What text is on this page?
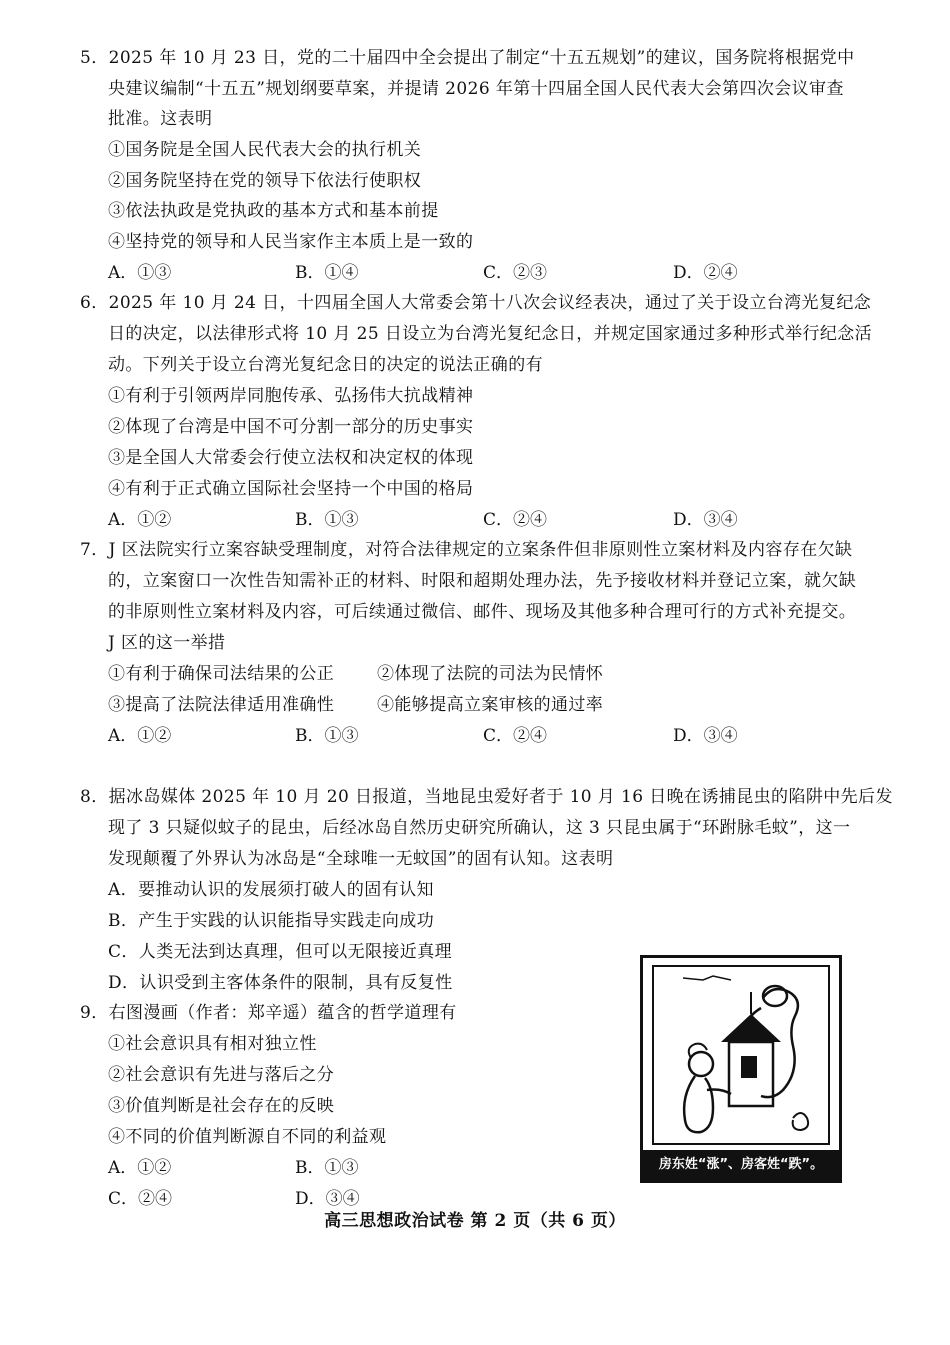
5．2025 年 10 月 23 日，党的二十届四中全会提出了制定“十五五规划”的建议，国务院将根据党中
央建议编制“十五五”规划纲要草案，并提请 2026 年第十四届全国人民代表大会第四次会议审查
批准。这表明
①国务院是全国人民代表大会的执行机关
②国务院坚持在党的领导下依法行使职权
③依法执政是党执政的基本方式和基本前提
④坚持党的领导和人民当家作主本质上是一致的
A．①③	B．①④	C．②③	D．②④
6．2025 年 10 月 24 日，十四届全国人大常委会第十八次会议经表决，通过了关于设立台湾光复纪念
日的决定，以法律形式将 10 月 25 日设立为台湾光复纪念日，并规定国家通过多种形式举行纪念活
动。下列关于设立台湾光复纪念日的决定的说法正确的有
①有利于引领两岸同胞传承、弘扬伟大抗战精神
②体现了台湾是中国不可分割一部分的历史事实
③是全国人大常委会行使立法权和决定权的体现
④有利于正式确立国际社会坚持一个中国的格局
A．①②	B．①③	C．②④	D．③④
7．J 区法院实行立案容缺受理制度，对符合法律规定的立案条件但非原则性立案材料及内容存在欠缺
的，立案窗口一次性告知需补正的材料、时限和超期处理办法，先予接收材料并登记立案，就欠缺
的非原则性立案材料及内容，可后续通过微信、邮件、现场及其他多种合理可行的方式补充提交。
J 区的这一举措
①有利于确保司法结果的公正	②体现了法院的司法为民情怀
③提高了法院法律适用准确性	④能够提高立案审核的通过率
A．①②	B．①③	C．②④	D．③④
8．据冰岛媒体 2025 年 10 月 20 日报道，当地昆虫爱好者于 10 月 16 日晚在诱捕昆虫的陷阱中先后发
现了 3 只疑似蚊子的昆虫，后经冰岛自然历史研究所确认，这 3 只昆虫属于“环跗脉毛蚊”，这一
发现颠覆了外界认为冰岛是“全球唯一无蚊国”的固有认知。这表明
A．要推动认识的发展须打破人的固有认知
B．产生于实践的认识能指导实践走向成功
C．人类无法到达真理，但可以无限接近真理
D．认识受到主客体条件的限制，具有反复性
9．右图漫画（作者：郑辛遥）蕴含的哲学道理有
①社会意识具有相对独立性
②社会意识有先进与落后之分
③价值判断是社会存在的反映
④不同的价值判断源自不同的利益观
A．①②	B．①③
C．②④	D．③④
房东姓“涨”、房客姓“跌”。
高三思想政治试卷 第 2 页（共 6 页）
